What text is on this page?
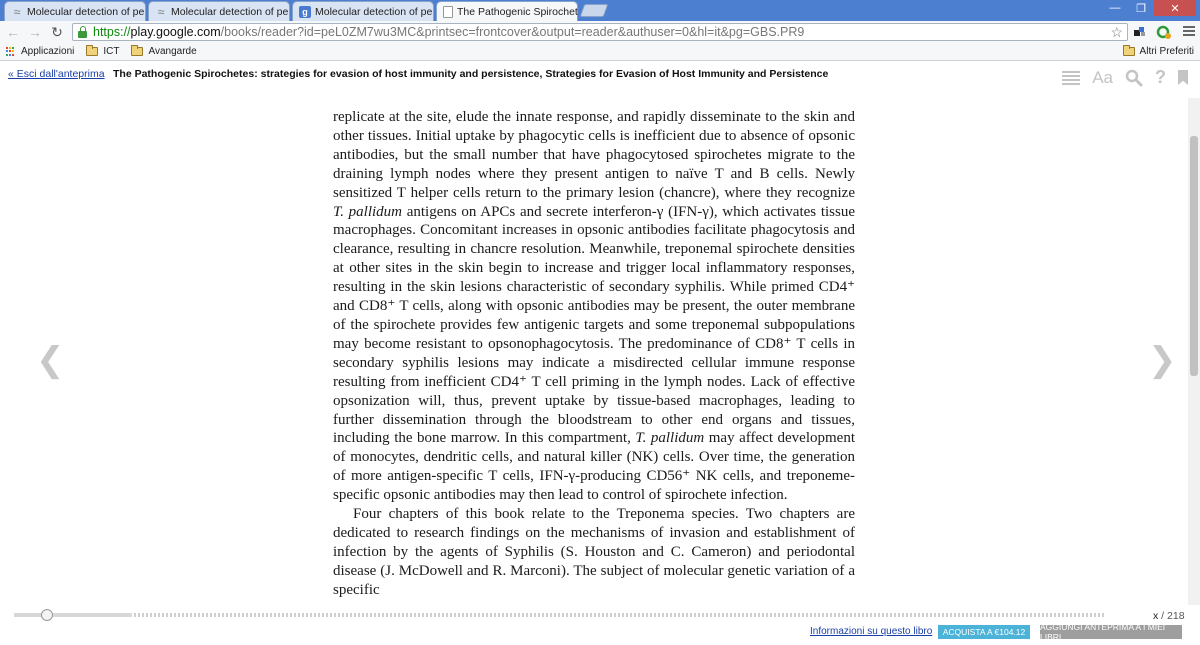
≈ Molecular detection of pe ≈ Molecular detection of pe	g Molecular detection of pe The Pathogenic Spirochet	—	❐	✕
← → ↻ https:// play.google.com /books/reader?id=peL0ZM7wu3MC&printsec=frontcover&output=reader&authuser=0&hl=it&pg=GBS.PR9	☆
Applicazioni	ICT	Avangarde	Altri Preferiti
« Esci dall'anteprima The Pathogenic Spirochetes: strategies for evasion of host immunity and persistence, Strategies for Evasion of Host Immunity and Persistence	Aa ?
❮	❯

replicate at the site, elude the innate response, and rapidly disseminate to the skin and other tissues. Initial uptake by phagocytic cells is inefficient due to absence of opsonic antibodies, but the small number that have phagocytosed spirochetes migrate to the draining lymph nodes where they present antigen to naïve T and B cells. Newly sensitized T helper cells return to the primary lesion (chancre), where they recognize T. pallidum antigens on APCs and secrete interferon-γ (IFN-γ), which activates tissue macrophages. Concomitant increases in opsonic antibodies facilitate phagocytosis and clearance, resulting in chancre resolution. Meanwhile, treponemal spirochete densities at other sites in the skin begin to increase and trigger local inflammatory responses, resulting in the skin lesions characteristic of secondary syphilis. While primed CD4⁺ and CD8⁺ T cells, along with opsonic antibodies may be present, the outer membrane of the spirochete provides few antigenic targets and some treponemal subpopulations may become resistant to opsonophagocytosis. The predominance of CD8⁺ T cells in secondary syphilis lesions may indicate a misdirected cellular immune response resulting from inefficient CD4⁺ T cell priming in the lymph nodes. Lack of effective opsonization will, thus, prevent uptake by tissue-based macrophages, leading to further dissemination through the bloodstream to other end organs and tissues, including the bone marrow. In this compartment, T. pallidum may affect development of monocytes, dendritic cells, and natural killer (NK) cells. Over time, the generation of more antigen-specific T cells, IFN-γ-producing CD56⁺ NK cells, and treponeme-specific opsonic antibodies may then lead to control of spirochete infection.

Four chapters of this book relate to the Treponema species. Two chapters are dedicated to research findings on the mechanisms of invasion and establishment of infection by the agents of Syphilis (S. Houston and C. Cameron) and periodontal disease (J. McDowell and R. Marconi). The subject of molecular genetic variation of a specific

x / 218
Informazioni su questo libro	ACQUISTA A €104.12	AGGIUNGI ANTEPRIMA A I MIEI LIBRI
